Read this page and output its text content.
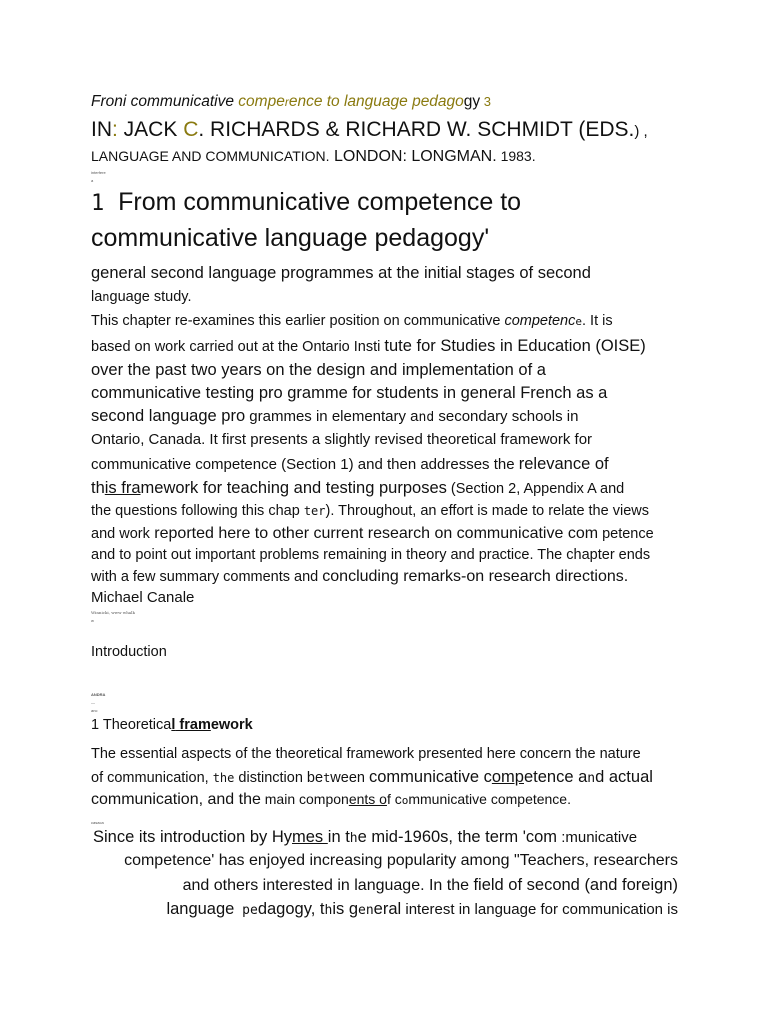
Froni communicative comperence to language pedagogy 3
IN: JACK C. RICHARDS & RICHARD W. SCHMIDT (EDS.) ,
LANGUAGE AND COMMUNICATION. LONDON: LONGMAN. 1983.
interfere
a
1 From communicative competence to
communicative language pedagogy'
general second language programmes at the initial stages of second
language study.
This chapter re-examines this earlier position on communicative competence. It is
based on work carried out at the Ontario Insti tute for Studies in Education (OISE)
over the past two years on the design and implementation of a
communicative testing pro gramme for students in general French as a
second language pro grammes in elementary and secondary schools in
Ontario, Canada. It first presents a slightly revised theoretical framework for
communicative competence (Section 1) and then addresses the relevance of
this framework for teaching and testing purposes (Section 2, Appendix A and
the questions following this chap ter). Throughout, an effort is made to relate the views
and work reported here to other current research on communicative com petence
and to point out important problems remaining in theory and practice. The chapter ends
with a few summary comments and concluding remarks-on research directions.
Michael Canale
Winnicki, www whalk
w
Introduction
ANDRA
—
anc
1 Theoretical framework
The essential aspects of the theoretical framework presented here concern the nature
of communication, the distinction between communicative competence and actual
communication, and the main components of communicative competence.
casaca
Since its introduction by Hymes in the mid-1960s, the term 'com :municative
competence' has enjoyed increasing popularity among "Teachers, researchers
and others interested in language. In the field of second (and foreign)
language pedagogy, this general interest in language for communication is
